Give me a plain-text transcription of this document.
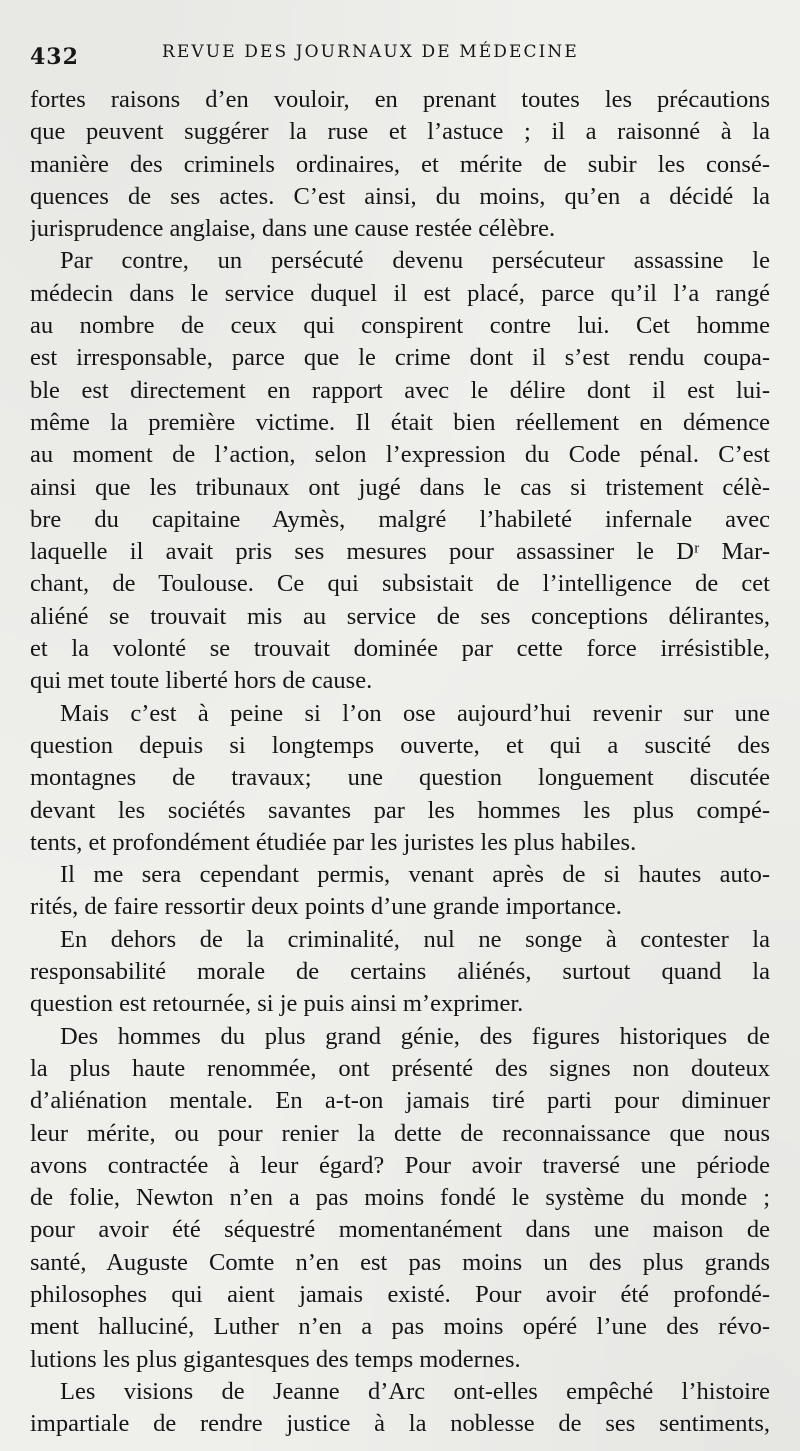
432	REVUE DES JOURNAUX DE MÉDECINE
fortes raisons d’en vouloir, en prenant toutes les précautions
que peuvent suggérer la ruse et l’astuce ; il a raisonné à la
manière des criminels ordinaires, et mérite de subir les consé-
quences de ses actes. C’est ainsi, du moins, qu’en a décidé la
jurisprudence anglaise, dans une cause restée célèbre.
Par contre, un persécuté devenu persécuteur assassine le
médecin dans le service duquel il est placé, parce qu’il l’a rangé
au nombre de ceux qui conspirent contre lui. Cet homme
est irresponsable, parce que le crime dont il s’est rendu coupa-
ble est directement en rapport avec le délire dont il est lui-
même la première victime. Il était bien réellement en démence
au moment de l’action, selon l’expression du Code pénal. C’est
ainsi que les tribunaux ont jugé dans le cas si tristement célè-
bre du capitaine Aymès, malgré l’habileté infernale avec
laquelle il avait pris ses mesures pour assassiner le Dʳ Mar-
chant, de Toulouse. Ce qui subsistait de l’intelligence de cet
aliéné se trouvait mis au service de ses conceptions délirantes,
et la volonté se trouvait dominée par cette force irrésistible,
qui met toute liberté hors de cause.
Mais c’est à peine si l’on ose aujourd’hui revenir sur une
question depuis si longtemps ouverte, et qui a suscité des
montagnes de travaux; une question longuement discutée
devant les sociétés savantes par les hommes les plus compé-
tents, et profondément étudiée par les juristes les plus habiles.
Il me sera cependant permis, venant après de si hautes auto-
rités, de faire ressortir deux points d’une grande importance.
En dehors de la criminalité, nul ne songe à contester la
responsabilité morale de certains aliénés, surtout quand la
question est retournée, si je puis ainsi m’exprimer.
Des hommes du plus grand génie, des figures historiques de
la plus haute renommée, ont présenté des signes non douteux
d’aliénation mentale. En a-t-on jamais tiré parti pour diminuer
leur mérite, ou pour renier la dette de reconnaissance que nous
avons contractée à leur égard? Pour avoir traversé une période
de folie, Newton n’en a pas moins fondé le système du monde ;
pour avoir été séquestré momentanément dans une maison de
santé, Auguste Comte n’en est pas moins un des plus grands
philosophes qui aient jamais existé. Pour avoir été profondé-
ment halluciné, Luther n’en a pas moins opéré l’une des révo-
lutions les plus gigantesques des temps modernes.
Les visions de Jeanne d’Arc ont-elles empêché l’histoire
impartiale de rendre justice à la noblesse de ses sentiments,
